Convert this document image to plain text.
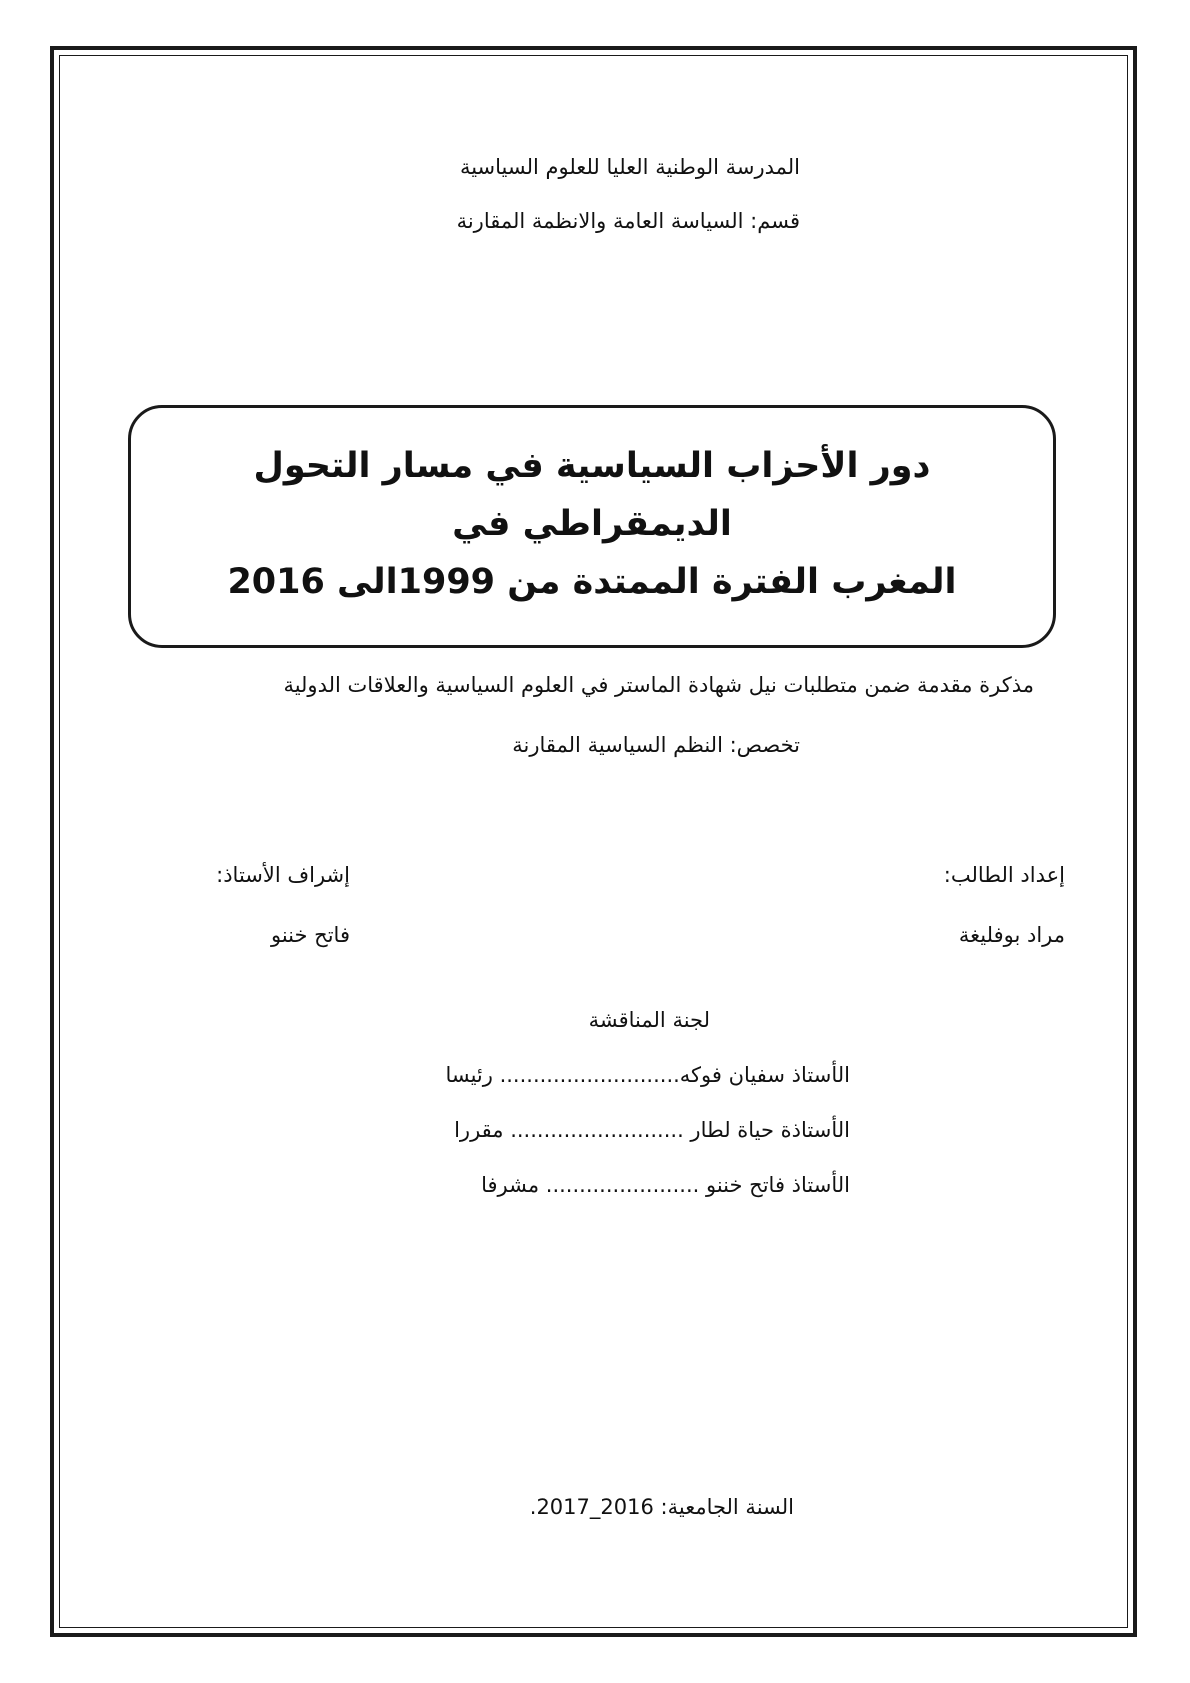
المدرسة الوطنية العليا للعلوم السياسية
قسم: السياسة العامة والانظمة المقارنة
دور الأحزاب السياسية في مسار التحول الديمقراطي في
المغرب الفترة الممتدة من 1999الى 2016
مذكرة مقدمة ضمن متطلبات نيل شهادة الماستر في العلوم السياسية والعلاقات الدولية
تخصص: النظم السياسية المقارنة
إعداد الطالب:
مراد بوفليغة
إشراف الأستاذ:
فاتح خننو
لجنة المناقشة
الأستاذ سفيان فوكه........................... رئيسا
الأستاذة حياة لطار .......................... مقررا
الأستاذ فاتح خننو ....................... مشرفا
السنة الجامعية: 2016_2017.
